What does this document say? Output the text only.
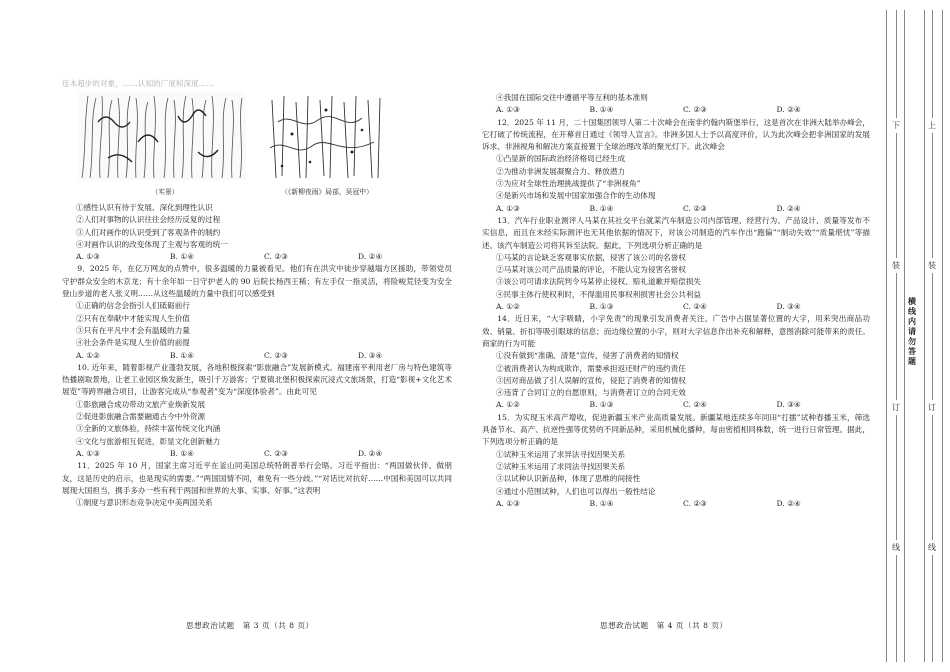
连本超步的对象，……认知的广度和深度……

（实景）	（《新柳夜雨》局部，吴冠中）

①感性认识有待于发展、深化到理性认识

②人们对事物的认识往往会经历反复的过程

③人们对画作的认识受到了客观条件的制约

④对画作认识的改变体现了主观与客观的统一

A. ①③	B. ①④	C. ②③	D. ②④

9．2025 年，在亿万网友的点赞中，很多温暖的力量被看见。他们有在洪灾中徒步穿越塌方区援助，带领党员守护群众安全的木京龙；有十余年如一日守护老人的 90 后院长杨西王稀；有左手仅一指灵活，将险峻荒径变为安全登山步道的老人张义明……从这些温暖的力量中我们可以感受到

①正确的信念会指引人们砥砺前行

②只有在奉献中才能实现人生价值

③只有在平凡中才会有温暖的力量

④社会条件是实现人生价值的前提

A. ①②	B. ①④	C. ②③	D. ③④

10. 近年来，随着影视产业蓬勃发展，各地积极探索“影旅融合”发展新模式。福建南平利用老厂房与特色建筑等热播剧取景地，让老工业园区焕发新生，吸引千万游客；宁夏镇北堡积极探索沉浸式文旅场景，打造“影视+文化艺术展览”等跨界融合项目，让游客完成从“参观者”变为“深度体验者”。由此可见

①影旅融合成功带动文旅产业焕新发展

②促进影旅融合需要融通古今中外资源

③全新的文旅体验，持续丰富传统文化内涵

④文化与旅游相互促进，彰显文化创新魅力

A. ①③	B. ①④	C. ②③	D. ②④

11．2025 年 10 月，国家主席习近平在釜山同美国总统特朗普举行会晤。习近平指出：“两国做伙伴、做朋友，这是历史的启示，也是现实的需要。”“两国国情不同，难免有一些分歧。”“对话比对抗好……中国和美国可以共同展现大国担当，携手多办一些有利于两国和世界的大事、实事、好事。”这表明

①制度与意识形态竞争决定中美两国关系

思想政治试题　第 3 页（共 8 页）

④我国在国际交往中遵循平等互利的基本准则

A. ①③	B. ①④	C. ②③	D. ②④

12．2025 年 11 月，二十国集团领导人第二十次峰会在南非约翰内斯堡举行，这是首次在非洲大陆举办峰会，它打破了传统流程，在开幕首日通过《领导人宣言》。非洲多国人士予以高度评价，认为此次峰会把非洲国家的发展诉求、非洲视角和解决方案直接置于全球治理改革的聚光灯下。此次峰会

①凸显新的国际政治经济格局已经生成

②为推动非洲发展凝聚合力、释放潜力

③为应对全球性治理挑战提供了“非洲视角”

④是新兴市场和发展中国家加强合作的生动体现

A. ①③	B. ①④	C. ②③	D. ②④

13．汽车行业职业测评人马某在其社交平台就某汽车制造公司内部管理、经营行为、产品设计、质量等发布不实信息，而且在未经实际测评也无其他依据的情况下，对该公司制造的汽车作出“跑偏”“制动失效”“质量堪忧”等描述。该汽车制造公司将其诉至法院。据此，下列选项分析正确的是

①马某的言论缺乏客观事实依据，侵害了该公司的名誉权

②马某对该公司产品质量的评论，不能认定为侵害名誉权

③该公司可请求法院判令马某停止侵权、赔礼道歉并赔偿损失

④民事主体行使权利时，不得滥用民事权利损害社会公共利益

A. ①②	B. ①③	C. ②④	D. ③④

14．近日来，“大字吸睛，小字免责”的现象引发消费者关注。广告中占据显著位置的大字，用来突出商品功效、销量、折扣等吸引眼球的信息；而边缘位置的小字，则对大字信息作出补充和解释，意图消除可能带来的责任。商家的行为可能

①没有做到“准确、清楚”宣传，侵害了消费者的知情权

②被消费者认为构成欺诈，需要承担返还财产的违约责任

③因对商品做了引人误解的宣传，侵犯了消费者的知情权

④违背了合同订立的自愿原则，与消费者订立的合同无效

A. ①②	B. ①③	C. ②④	D. ③④

15．为实现玉米高产增收，促进新疆玉米产业高质量发展。新疆某地连续多年同田“打擂”试种春播玉米，筛选具备节水、高产、抗逆性强等优势的不同新品种，采用机械化播种，每亩密植相同株数，统一进行日常管理。据此，下列选项分析正确的是

①试种玉米运用了求异法寻找因果关系

②试种玉米运用了求同法寻找因果关系

③以试种认识新品种，体现了思维的间接性

④通过小范围试种，人们也可以得出一般性结论

A. ①③	B. ①④	C. ②③	D. ②④
思想政治试题　第 4 页（共 8 页）
下
装
订
线
横线内请勿答题
上
装
订
线
